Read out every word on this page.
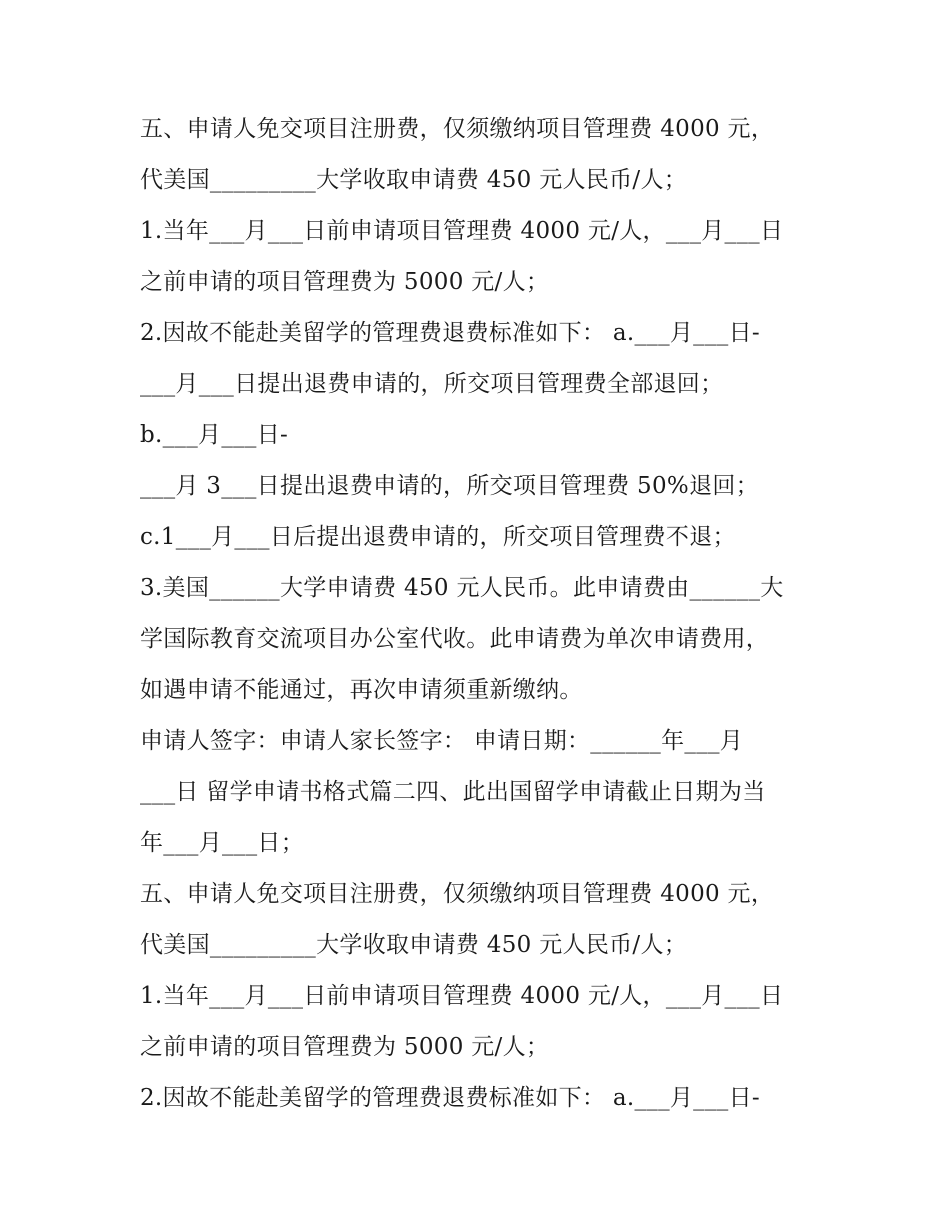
五、申请人免交项目注册费，仅须缴纳项目管理费 4000 元，
代美国_________大学收取申请费 450 元人民币/人；
1.当年___月___日前申请项目管理费 4000 元/人，___月___日
之前申请的项目管理费为 5000 元/人；
2.因故不能赴美留学的管理费退费标准如下： a.___月___日-
___月___日提出退费申请的，所交项目管理费全部退回；
b.___月___日-
___月 3___日提出退费申请的，所交项目管理费 50%退回；
c.1___月___日后提出退费申请的，所交项目管理费不退；
3.美国______大学申请费 450 元人民币。此申请费由______大
学国际教育交流项目办公室代收。此申请费为单次申请费用，
如遇申请不能通过，再次申请须重新缴纳。
申请人签字：申请人家长签字： 申请日期：______年___月
___日 留学申请书格式篇二四、此出国留学申请截止日期为当
年___月___日；
五、申请人免交项目注册费，仅须缴纳项目管理费 4000 元，
代美国_________大学收取申请费 450 元人民币/人；
1.当年___月___日前申请项目管理费 4000 元/人，___月___日
之前申请的项目管理费为 5000 元/人；
2.因故不能赴美留学的管理费退费标准如下： a.___月___日-
